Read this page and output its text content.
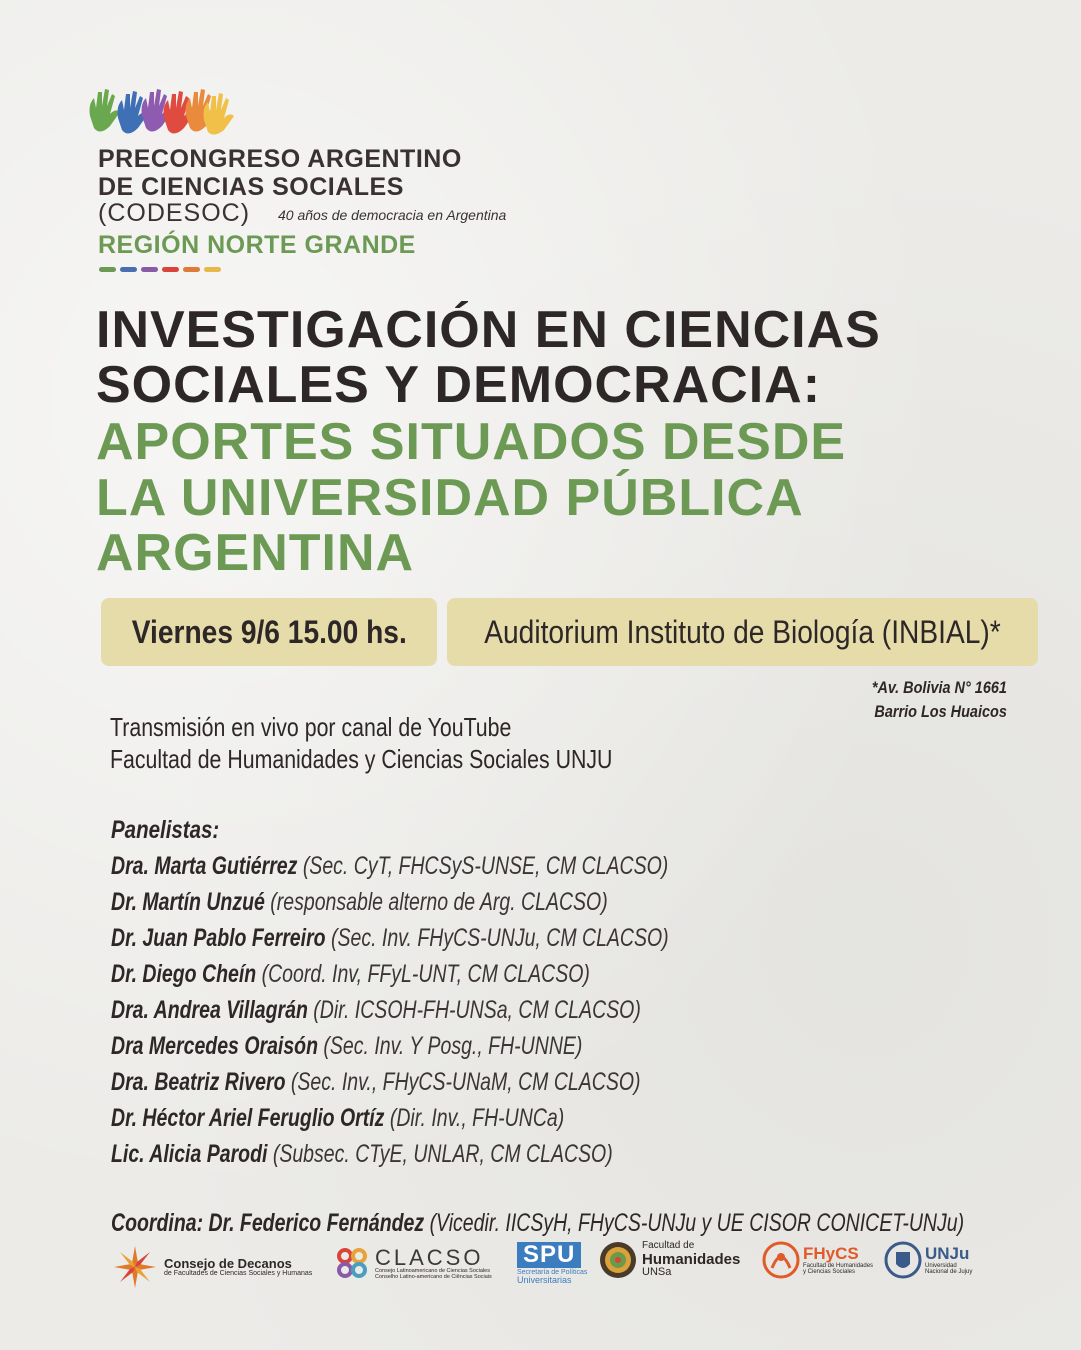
PRECONGRESO ARGENTINO
DE CIENCIAS SOCIALES
(CODESOC) 40 años de democracia en Argentina
REGIÓN NORTE GRANDE
INVESTIGACIÓN EN CIENCIAS
SOCIALES Y DEMOCRACIA:
APORTES SITUADOS DESDE
LA UNIVERSIDAD PÚBLICA
ARGENTINA
Viernes 9/6 15.00 hs. Auditorium Instituto de Biología (INBIAL)*
*Av. Bolivia N° 1661
Barrio Los Huaicos
Transmisión en vivo por canal de YouTube
Facultad de Humanidades y Ciencias Sociales UNJU
Panelistas:
Dra. Marta Gutiérrez (Sec. CyT, FHCSyS-UNSE, CM CLACSO)
Dr. Martín Unzué (responsable alterno de Arg. CLACSO)
Dr. Juan Pablo Ferreiro (Sec. Inv. FHyCS-UNJu, CM CLACSO)
Dr. Diego Cheín (Coord. Inv, FFyL-UNT, CM CLACSO)
Dra. Andrea Villagrán (Dir. ICSOH-FH-UNSa, CM CLACSO)
Dra Mercedes Oraisón (Sec. Inv. Y Posg., FH-UNNE)
Dra. Beatriz Rivero (Sec. Inv., FHyCS-UNaM, CM CLACSO)
Dr. Héctor Ariel Feruglio Ortíz (Dir. Inv., FH-UNCa)
Lic. Alicia Parodi (Subsec. CTyE, UNLAR, CM CLACSO)
Coordina: Dr. Federico Fernández (Vicedir. IICSyH, FHyCS-UNJu y UE CISOR CONICET-UNJu)
Consejo de Decanos
de Facultades de Ciencias Sociales y Humanas
CLACSO
Consejo Latinoamericano de Ciencias Sociales
Conselho Latino-americano de Ciências Sociais
SPU
Secretaría de Políticas
Universitarias
Facultad de
Humanidades
UNSa
FHyCS
Facultad de Humanidades
y Ciencias Sociales
UNJu
Universidad
Nacional de Jujuy
